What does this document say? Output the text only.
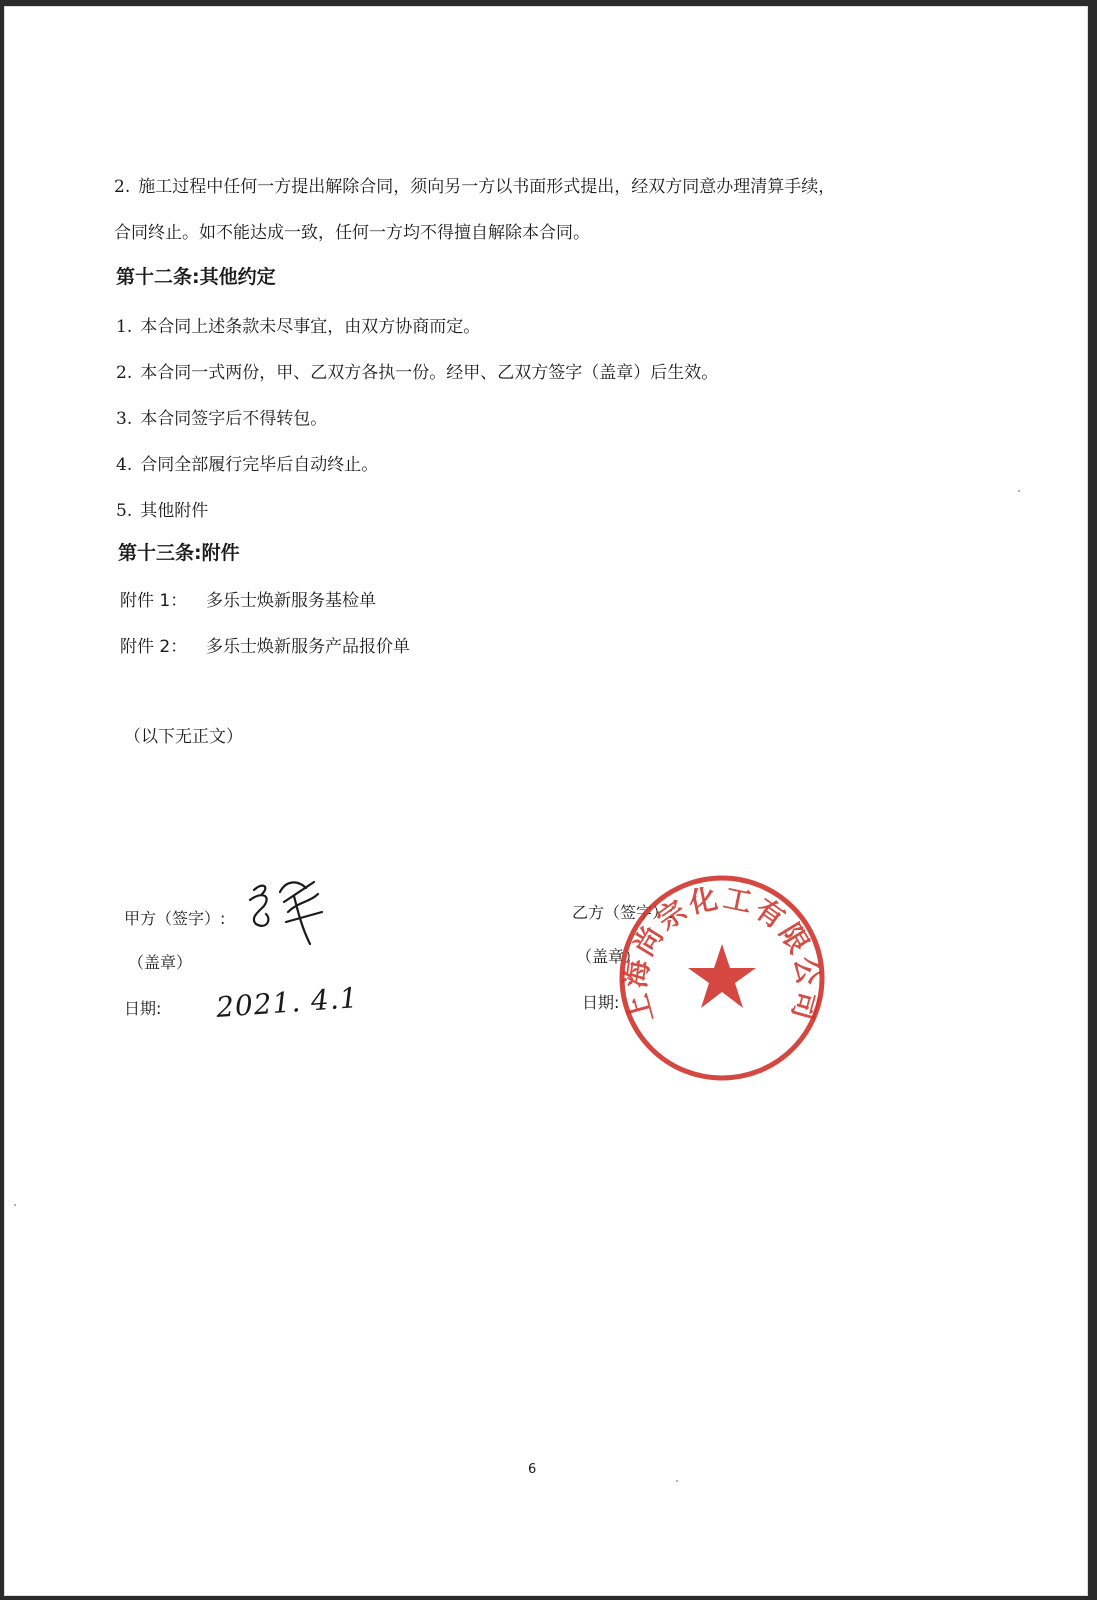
2. 施工过程中任何一方提出解除合同，须向另一方以书面形式提出，经双方同意办理清算手续，
合同终止。如不能达成一致，任何一方均不得擅自解除本合同。
第十二条:其他约定
1. 本合同上述条款未尽事宜，由双方协商而定。
2. 本合同一式两份，甲、乙双方各执一份。经甲、乙双方签字（盖章）后生效。
3. 本合同签字后不得转包。
4. 合同全部履行完毕后自动终止。
5. 其他附件
第十三条:附件
附件 1： 多乐士焕新服务基检单
附件 2： 多乐士焕新服务产品报价单
（以下无正文）
甲方（签字）:
（盖章）
日期: 2021. 4.1
乙方（签字）:
（盖章）
日期: 上海尚宗化工有限公司
6
